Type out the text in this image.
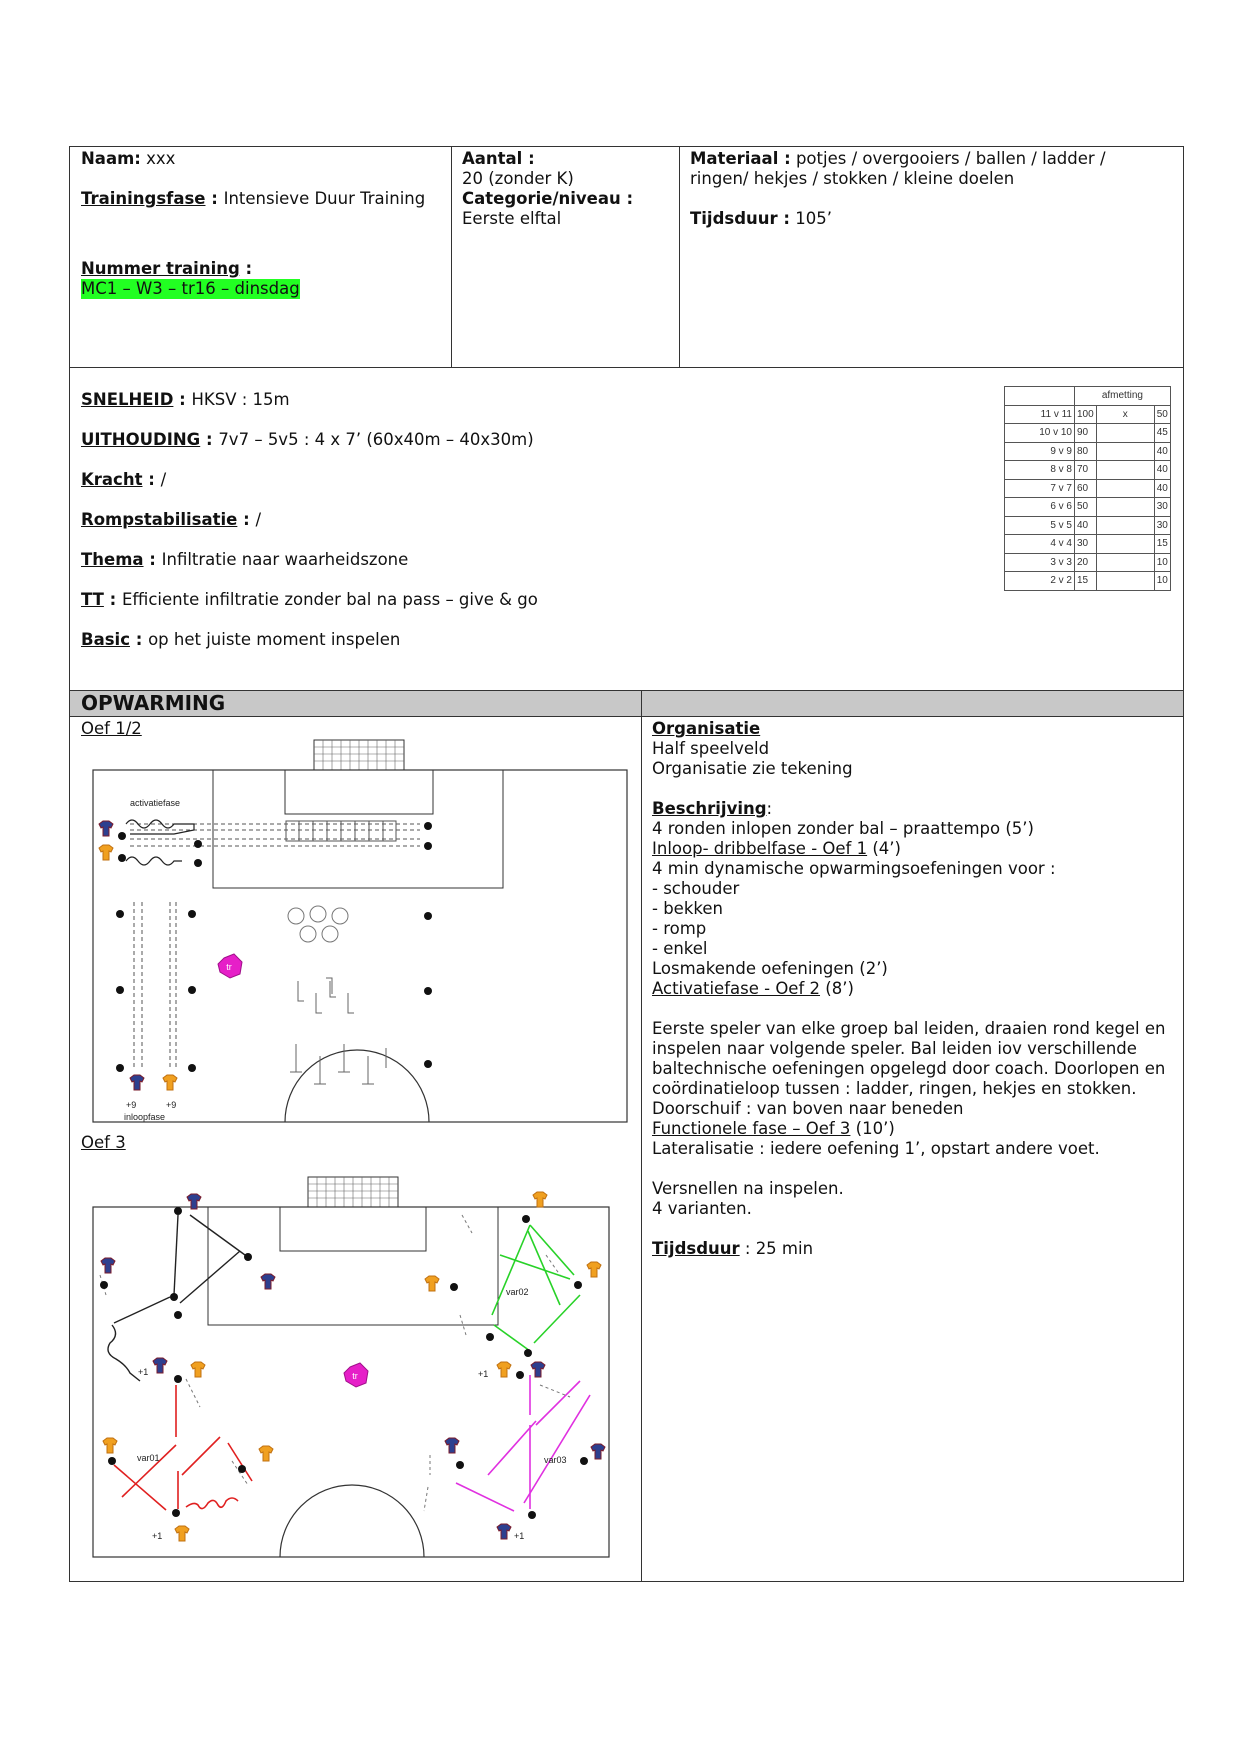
Naam: xxx
Trainingsfase : Intensieve Duur Training
Nummer training :
MC1 – W3 – tr16 – dinsdag
Aantal :
20 (zonder K)
Categorie/niveau :
Eerste elftal
Materiaal : potjes / overgooiers / ballen / ladder /
ringen/ hekjes / stokken / kleine doelen
Tijdsduur : 105’
SNELHEID : HKSV : 15m
UITHOUDING : 7v7 – 5v5 : 4 x 7’ (60x40m – 40x30m)
Kracht : /
Rompstabilisatie : /
Thema : Infiltratie naar waarheidszone
TT : Efficiente infiltratie zonder bal na pass – give & go
Basic : op het juiste moment inspelen
	afmetting		
11 v 11	100	x	50
10 v 10	90		45
9 v 9	80		40
8 v 8	70		40
7 v 7	60		40
6 v 6	50		30
5 v 5	40		30
4 v 4	30		15
3 v 3	20		10
2 v 2	15		10
OPWARMING
Oef 1/2
Oef 3
tr
activatiefase
+9	+9
inloopfase
tr
var01
var02
var03
+1
+1
+1
+1
Organisatie
Half speelveld
Organisatie zie tekening
Beschrijving:
4 ronden inlopen zonder bal – praattempo (5’)
Inloop- dribbelfase - Oef 1 (4’)
4 min dynamische opwarmingsoefeningen voor :
- schouder
- bekken
- romp
- enkel
Losmakende oefeningen (2’)
Activatiefase - Oef 2 (8’)
Eerste speler van elke groep bal leiden, draaien rond kegel en
inspelen naar volgende speler. Bal leiden iov verschillende
baltechnische oefeningen opgelegd door coach. Doorlopen en
coördinatieloop tussen : ladder, ringen, hekjes en stokken.
Doorschuif : van boven naar beneden
Functionele fase – Oef 3 (10’)
Lateralisatie : iedere oefening 1’, opstart andere voet.
Versnellen na inspelen.
4 varianten.
Tijdsduur : 25 min
